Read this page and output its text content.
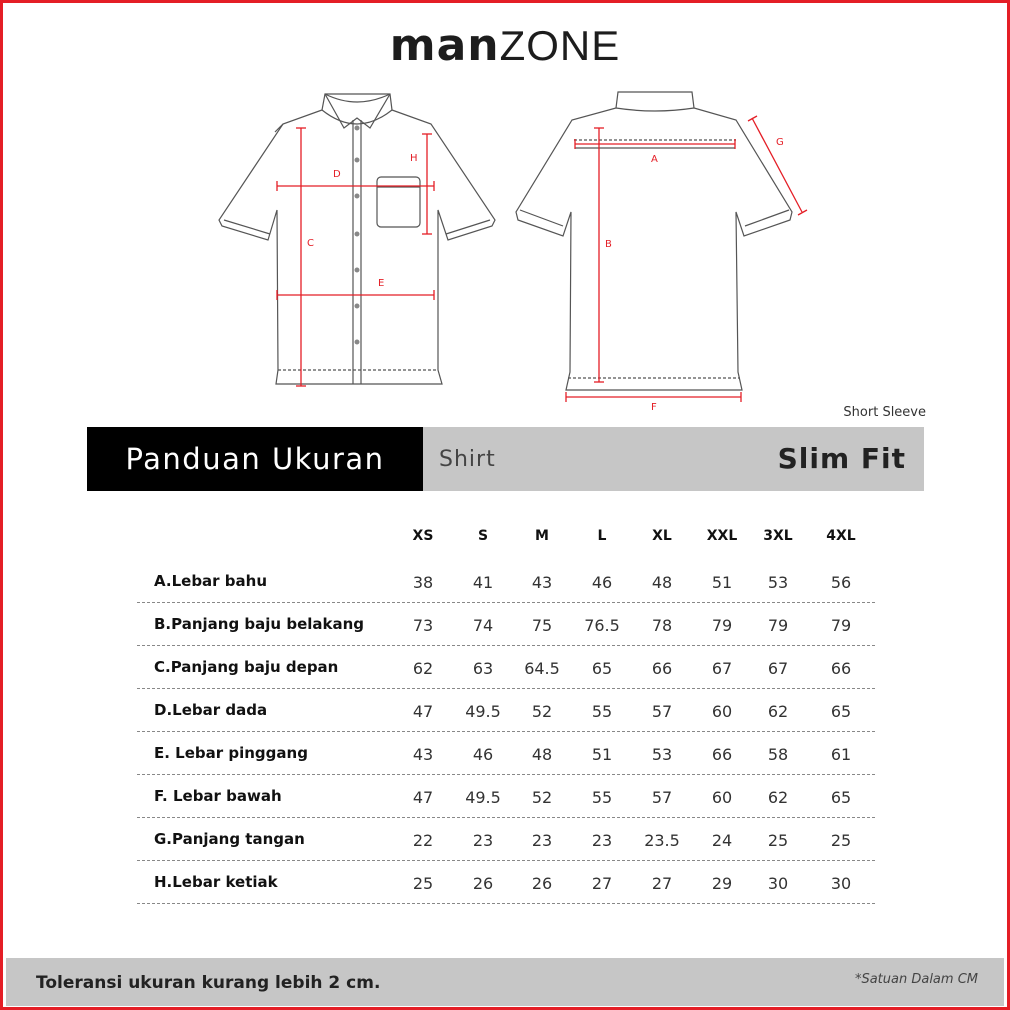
manZONE
C
D
E
H	A
B
F
G
Short Sleeve
Panduan Ukuran	Shirt	Slim Fit
XS	S	M	L	XL	XXL	3XL	4XL
A.Lebar bahu	38	41	43	46	48	51	53	56
B.Panjang baju belakang	73	74	75	76.5	78	79	79	79
C.Panjang baju depan	62	63	64.5	65	66	67	67	66
D.Lebar dada	47	49.5	52	55	57	60	62	65
E. Lebar pinggang	43	46	48	51	53	66	58	61
F. Lebar bawah	47	49.5	52	55	57	60	62	65
G.Panjang tangan	22	23	23	23	23.5	24	25	25
H.Lebar ketiak	25	26	26	27	27	29	30	30
Toleransi ukuran kurang lebih 2 cm.	*Satuan Dalam CM
